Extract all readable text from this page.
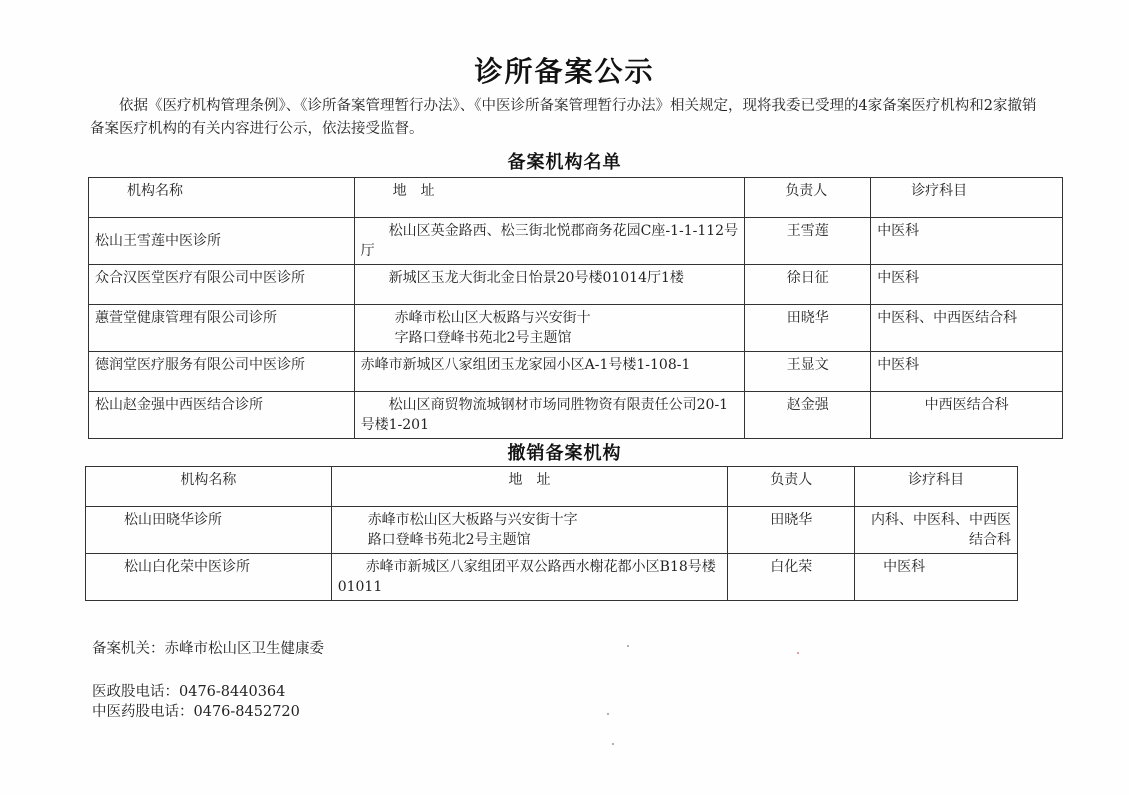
诊所备案公示
依据《医疗机构管理条例》、《诊所备案管理暂行办法》、《中医诊所备案管理暂行办法》相关规定，现将我委已受理的4家备案医疗机构和2家撤销备案医疗机构的有关内容进行公示，依法接受监督。
备案机构名单
机构名称	地　址	负责人	诊疗科目
松山王雪莲中医诊所	松山区英金路西、松三街北悦郡商务花园C座-1-1-112号厅	王雪莲	中医科
众合汉医堂医疗有限公司中医诊所	新城区玉龙大街北金日怡景20号楼01014厅1楼	徐日征	中医科
蕙萱堂健康管理有限公司诊所	赤峰市松山区大板路与兴安街十字路口登峰书苑北2号主题馆	田晓华	中医科、中西医结合科
德润堂医疗服务有限公司中医诊所	赤峰市新城区八家组团玉龙家园小区A-1号楼1-108-1	王显文	中医科
松山赵金强中西医结合诊所	松山区商贸物流城钢材市场同胜物资有限责任公司20-1号楼1-201	赵金强	中西医结合科
撤销备案机构
机构名称	地　址	负责人	诊疗科目
松山田晓华诊所	赤峰市松山区大板路与兴安街十字路口登峰书苑北2号主题馆	田晓华	内科、中医科、中西医结合科
松山白化荣中医诊所	赤峰市新城区八家组团平双公路西水榭花都小区B18号楼01011	白化荣	中医科
备案机关：赤峰市松山区卫生健康委
医政股电话：0476-8440364
中医药股电话：0476-8452720
